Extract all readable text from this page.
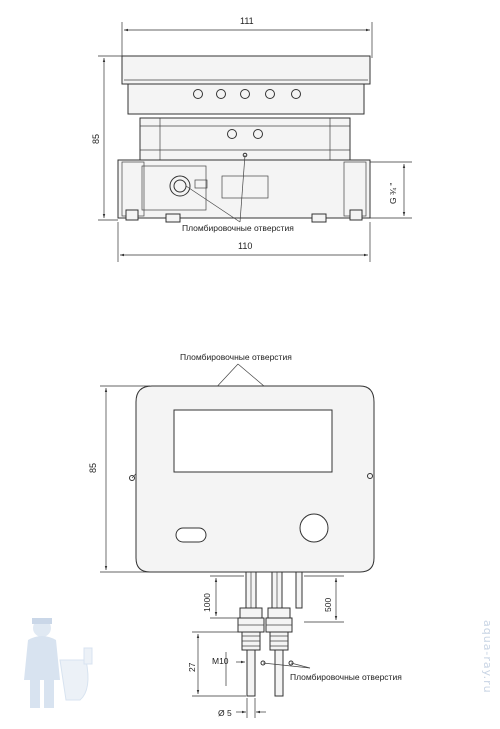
111
85
G ¾ "
110
Пломбировочные отверстия
Пломбировочные отверстия
85
1000	500
27
M10
Ø 5
Пломбировочные отверстия	aqua-ray.ru
